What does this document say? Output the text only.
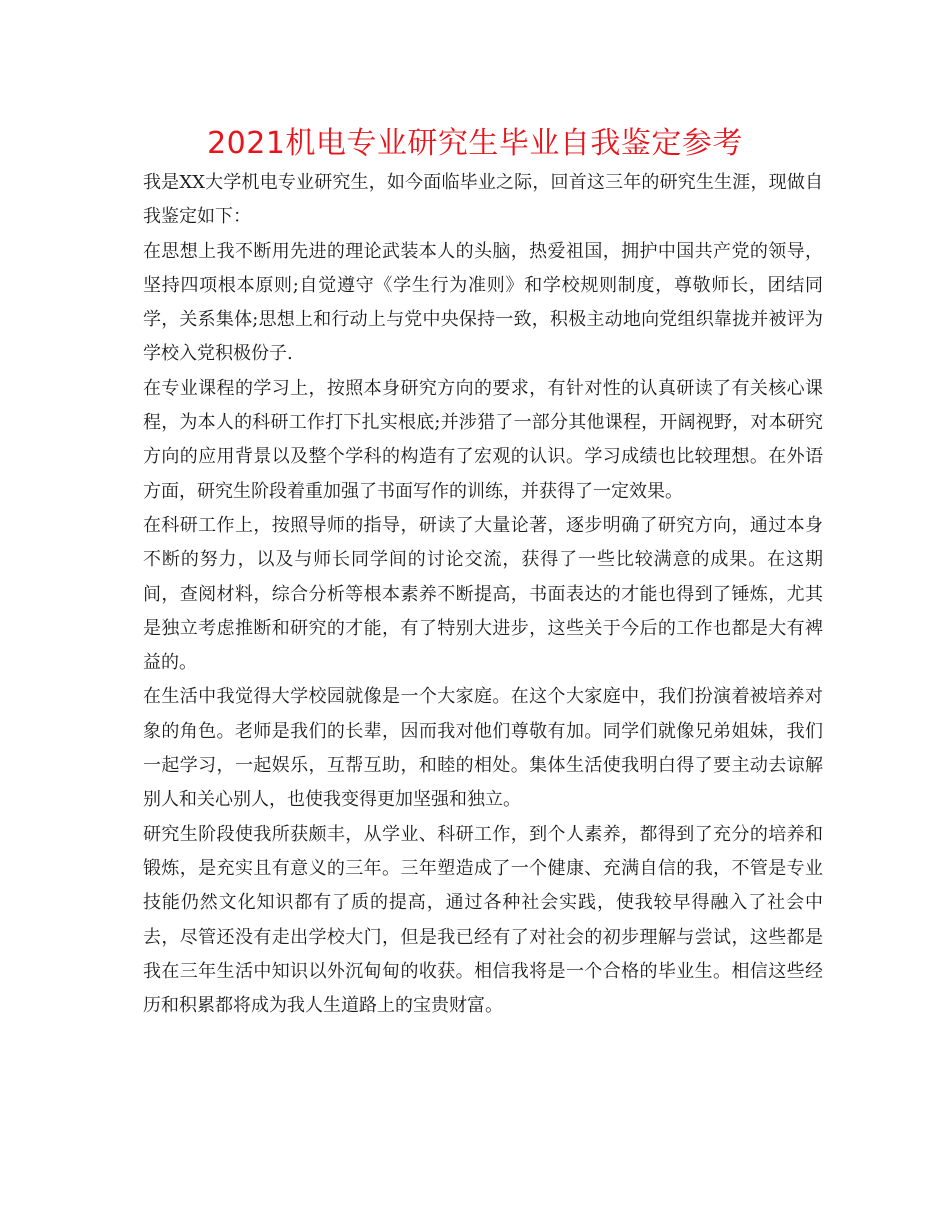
2021机电专业研究生毕业自我鉴定参考

我是XX大学机电专业研究生，如今面临毕业之际，回首这三年的研究生生涯，现做自我鉴定如下：

在思想上我不断用先进的理论武装本人的头脑，热爱祖国，拥护中国共产党的领导，坚持四项根本原则;自觉遵守《学生行为准则》和学校规则制度，尊敬师长，团结同学，关系集体;思想上和行动上与党中央保持一致，积极主动地向党组织靠拢并被评为学校入党积极份子.

在专业课程的学习上，按照本身研究方向的要求，有针对性的认真研读了有关核心课程，为本人的科研工作打下扎实根底;并涉猎了一部分其他课程，开阔视野，对本研究方向的应用背景以及整个学科的构造有了宏观的认识。学习成绩也比较理想。在外语方面，研究生阶段着重加强了书面写作的训练，并获得了一定效果。

在科研工作上，按照导师的指导，研读了大量论著，逐步明确了研究方向，通过本身不断的努力，以及与师长同学间的讨论交流，获得了一些比较满意的成果。在这期间，查阅材料，综合分析等根本素养不断提高，书面表达的才能也得到了锤炼，尤其是独立考虑推断和研究的才能，有了特别大进步，这些关于今后的工作也都是大有裨益的。

在生活中我觉得大学校园就像是一个大家庭。在这个大家庭中，我们扮演着被培养对象的角色。老师是我们的长辈，因而我对他们尊敬有加。同学们就像兄弟姐妹，我们一起学习，一起娱乐，互帮互助，和睦的相处。集体生活使我明白得了要主动去谅解别人和关心别人，也使我变得更加坚强和独立。

研究生阶段使我所获颇丰，从学业、科研工作，到个人素养，都得到了充分的培养和锻炼，是充实且有意义的三年。三年塑造成了一个健康、充满自信的我，不管是专业技能仍然文化知识都有了质的提高，通过各种社会实践，使我较早得融入了社会中去，尽管还没有走出学校大门，但是我已经有了对社会的初步理解与尝试，这些都是我在三年生活中知识以外沉甸甸的收获。相信我将是一个合格的毕业生。相信这些经历和积累都将成为我人生道路上的宝贵财富。
